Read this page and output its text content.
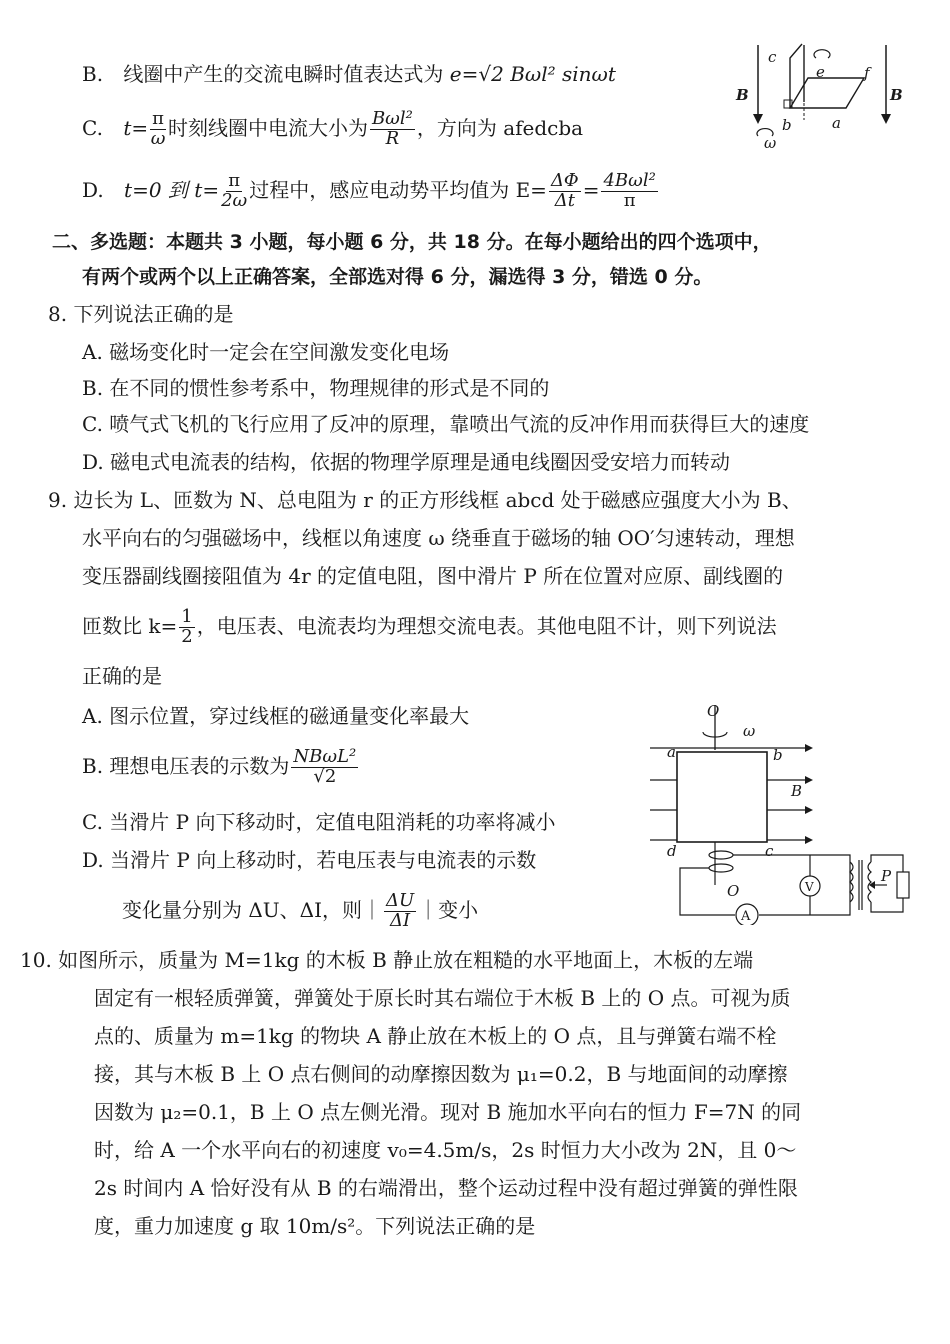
B. 线圈中产生的交流电瞬时值表达式为 e=√2 Bωl² sinωt
C. $t= \frac{\pi}{\omega}$ 时刻线圈中电流大小为 $\frac{\text{Bωl²}}{R}$ ，方向为 afedcba
D. t=0 到 $t= \frac{\pi}{2\omega}$ 过程中，感应电动势平均值为 $E= \frac{\Delta\Phi}{\Delta t} = \frac{\text{4Bωl²}}{\pi}$
c
e	f
b	a
B	B
ω
二、多选题：本题共 3 小题，每小题 6 分，共 18 分。在每小题给出的四个选项中，
有两个或两个以上正确答案，全部选对得 6 分，漏选得 3 分，错选 0 分。
8. 下列说法正确的是
A. 磁场变化时一定会在空间激发变化电场
B. 在不同的惯性参考系中，物理规律的形式是不同的
C. 喷气式飞机的飞行应用了反冲的原理，靠喷出气流的反冲作用而获得巨大的速度
D. 磁电式电流表的结构，依据的物理学原理是通电线圈因受安培力而转动
9. 边长为 L、匝数为 N、总电阻为 r 的正方形线框 abcd 处于磁感应强度大小为 B、
水平向右的匀强磁场中，线框以角速度 ω 绕垂直于磁场的轴 OO′匀速转动，理想
变压器副线圈接阻值为 4r 的定值电阻，图中滑片 P 所在位置对应原、副线圈的
匝数比 $k= \frac{1}{2}$ ，电压表、电流表均为理想交流电表。其他电阻不计，则下列说法
正确的是
A. 图示位置，穿过线框的磁通量变化率最大
B. 理想电压表的示数为 $\frac{\text{NBωL²}}{√2}$
C. 当滑片 P 向下移动时，定值电阻消耗的功率将减小
D. 当滑片 P 向上移动时，若电压表与电流表的示数
变化量分别为 ΔU、ΔI，则｜ $\frac{\Delta U}{\Delta I}$ ｜变小
O
ω
a	b
B
d	c
O
A
V
P
10. 如图所示，质量为 M=1kg 的木板 B 静止放在粗糙的水平地面上，木板的左端
固定有一根轻质弹簧，弹簧处于原长时其右端位于木板 B 上的 O 点。可视为质
点的、质量为 m=1kg 的物块 A 静止放在木板上的 O 点，且与弹簧右端不栓
接，其与木板 B 上 O 点右侧间的动摩擦因数为 μ₁=0.2，B 与地面间的动摩擦
因数为 μ₂=0.1，B 上 O 点左侧光滑。现对 B 施加水平向右的恒力 F=7N 的同
时，给 A 一个水平向右的初速度 v₀=4.5m/s，2s 时恒力大小改为 2N，且 0～
2s 时间内 A 恰好没有从 B 的右端滑出，整个运动过程中没有超过弹簧的弹性限
度，重力加速度 g 取 10m/s²。下列说法正确的是
